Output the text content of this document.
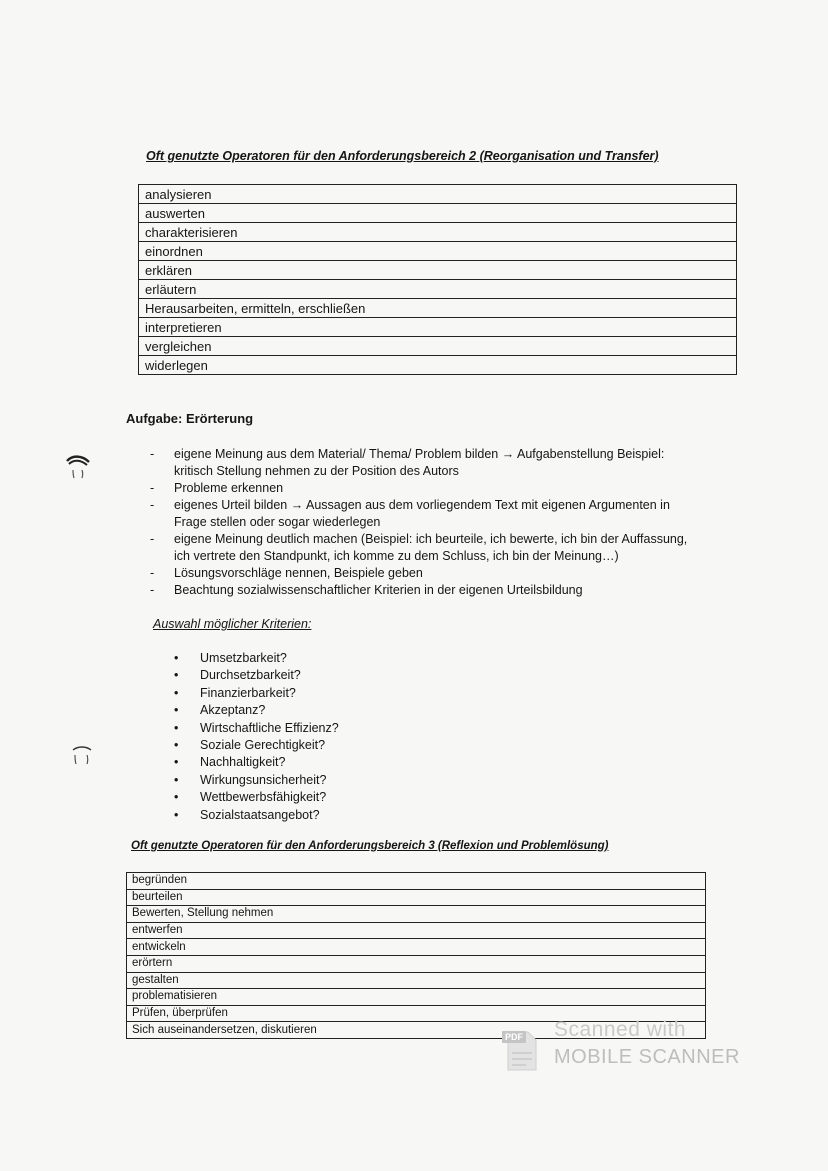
Oft genutzte Operatoren für den Anforderungsbereich 2 (Reorganisation und Transfer)
analysieren
auswerten
charakterisieren
einordnen
erklären
erläutern
Herausarbeiten, ermitteln, erschließen
interpretieren
vergleichen
widerlegen
Aufgabe: Erörterung
- eigene Meinung aus dem Material/ Thema/ Problem bilden → Aufgabenstellung Beispiel:
kritisch Stellung nehmen zu der Position des Autors
- Probleme erkennen
- eigenes Urteil bilden → Aussagen aus dem vorliegendem Text mit eigenen Argumenten in
Frage stellen oder sogar wiederlegen
- eigene Meinung deutlich machen (Beispiel: ich beurteile, ich bewerte, ich bin der Auffassung,
ich vertrete den Standpunkt, ich komme zu dem Schluss, ich bin der Meinung…)
- Lösungsvorschläge nennen, Beispiele geben
- Beachtung sozialwissenschaftlicher Kriterien in der eigenen Urteilsbildung
Auswahl möglicher Kriterien:
• Umsetzbarkeit?
• Durchsetzbarkeit?
• Finanzierbarkeit?
• Akzeptanz?
• Wirtschaftliche Effizienz?
• Soziale Gerechtigkeit?
• Nachhaltigkeit?
• Wirkungsunsicherheit?
• Wettbewerbsfähigkeit?
• Sozialstaatsangebot?
Oft genutzte Operatoren für den Anforderungsbereich 3 (Reflexion und Problemlösung)
begründen
beurteilen
Bewerten, Stellung nehmen
entwerfen
entwickeln
erörtern
gestalten
problematisieren
Prüfen, überprüfen
Sich auseinandersetzen, diskutieren
PDF Scanned with
MOBILE SCANNER
